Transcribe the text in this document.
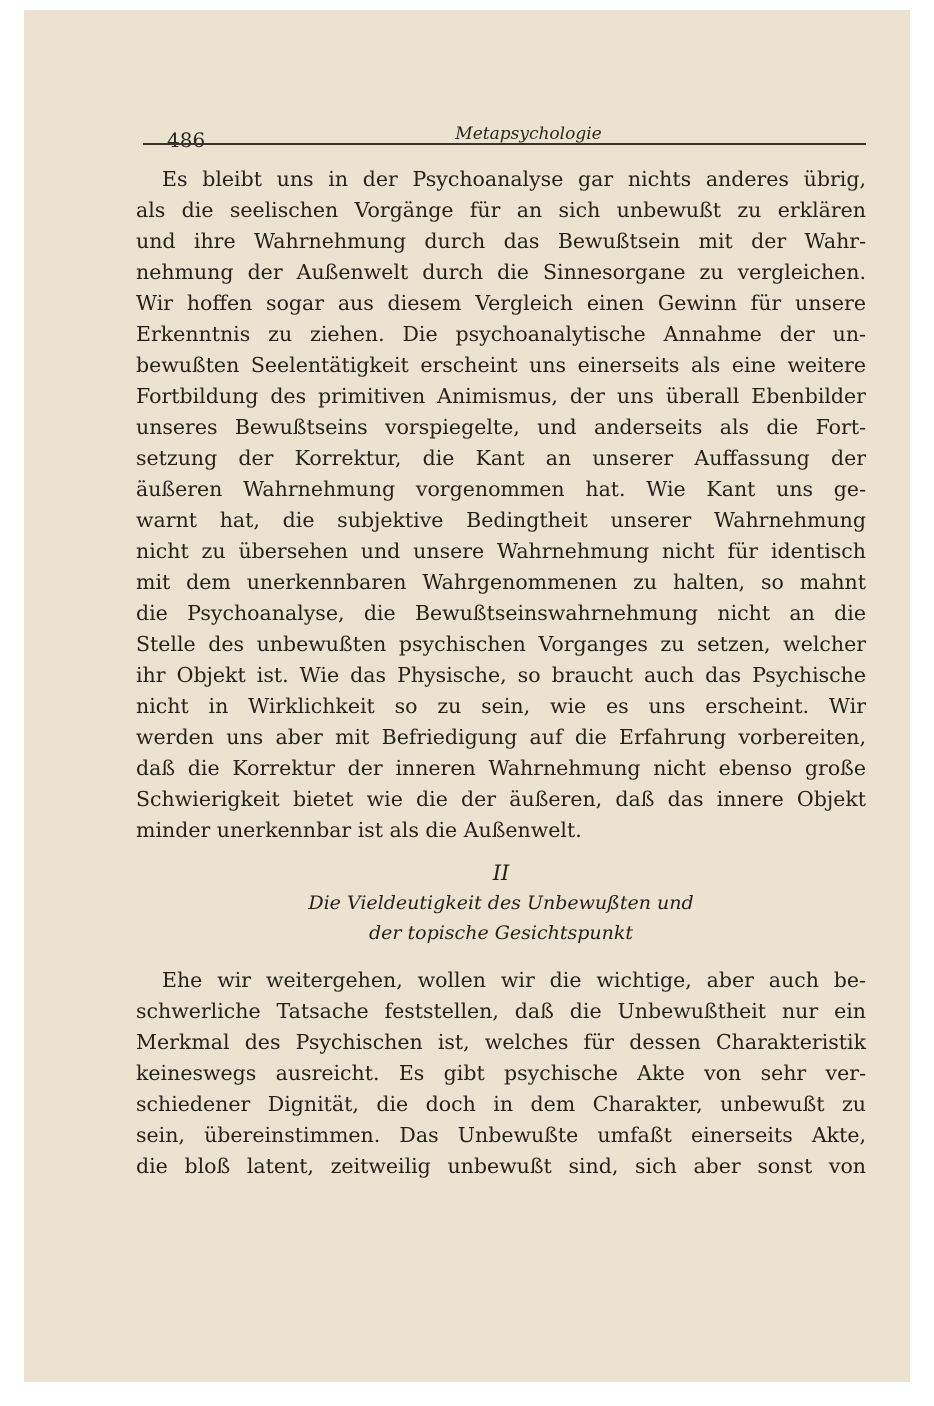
486	Metapsychologie
Es bleibt uns in der Psychoanalyse gar nichts anderes übrig,
als die seelischen Vorgänge für an sich unbewußt zu erklären
und ihre Wahrnehmung durch das Bewußtsein mit der Wahr-
nehmung der Außenwelt durch die Sinnesorgane zu vergleichen.
Wir hoffen sogar aus diesem Vergleich einen Gewinn für unsere
Erkenntnis zu ziehen. Die psychoanalytische Annahme der un-
bewußten Seelentätigkeit erscheint uns einerseits als eine weitere
Fortbildung des primitiven Animismus, der uns überall Ebenbilder
unseres Bewußtseins vorspiegelte, und anderseits als die Fort-
setzung der Korrektur, die Kant an unserer Auffassung der
äußeren Wahrnehmung vorgenommen hat. Wie Kant uns ge-
warnt hat, die subjektive Bedingtheit unserer Wahrnehmung
nicht zu übersehen und unsere Wahrnehmung nicht für identisch
mit dem unerkennbaren Wahrgenommenen zu halten, so mahnt
die Psychoanalyse, die Bewußtseinswahrnehmung nicht an die
Stelle des unbewußten psychischen Vorganges zu setzen, welcher
ihr Objekt ist. Wie das Physische, so braucht auch das Psychische
nicht in Wirklichkeit so zu sein, wie es uns erscheint. Wir
werden uns aber mit Befriedigung auf die Erfahrung vorbereiten,
daß die Korrektur der inneren Wahrnehmung nicht ebenso große
Schwierigkeit bietet wie die der äußeren, daß das innere Objekt
minder unerkennbar ist als die Außenwelt.
II
Die Vieldeutigkeit des Unbewußten und
der topische Gesichtspunkt
Ehe wir weitergehen, wollen wir die wichtige, aber auch be-
schwerliche Tatsache feststellen, daß die Unbewußtheit nur ein
Merkmal des Psychischen ist, welches für dessen Charakteristik
keineswegs ausreicht. Es gibt psychische Akte von sehr ver-
schiedener Dignität, die doch in dem Charakter, unbewußt zu
sein, übereinstimmen. Das Unbewußte umfaßt einerseits Akte,
die bloß latent, zeitweilig unbewußt sind, sich aber sonst von
